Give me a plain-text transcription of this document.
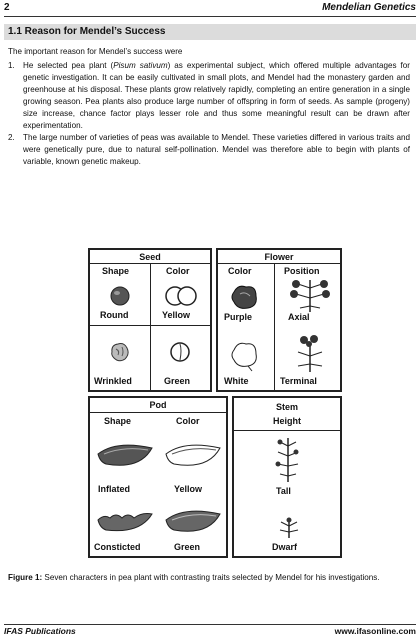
2	Mendelian Genetics
1.1 Reason for Mendel’s Success

The important reason for Mendel’s success were

1. He selected pea plant (Pisum sativum) as experimental subject, which offered multiple advantages for genetic investigation. It can be easily cultivated in small plots, and Mendel had the monastery garden and greenhouse at his disposal. These plants grow relatively rapidly, completing an entire generation in a single growing season. Pea plants also produce large number of offspring in form of seeds. As sample (progeny) size increase, chance factor plays lesser role and thus some meaningful result can be drawn after experimentation.
2. The large number of varieties of peas was available to Mendel. These varieties differed in various traits and were genetically pure, due to natural self-pollination. Mendel was therefore able to begin with plants of variable, known genetic makeup.
Seed
Shape	Color
Round	Yellow
Wrinkled	Green
Flower
Color	Position
Purple	Axial
White	Terminal
Pod
Shape	Color
Inflated	Yellow
Consticted	Green
Stem
Height
Tall
Dwarf
Figure 1: Seven characters in pea plant with contrasting traits selected by Mendel for his investigations.
IFAS Publications	www.ifasonline.com
